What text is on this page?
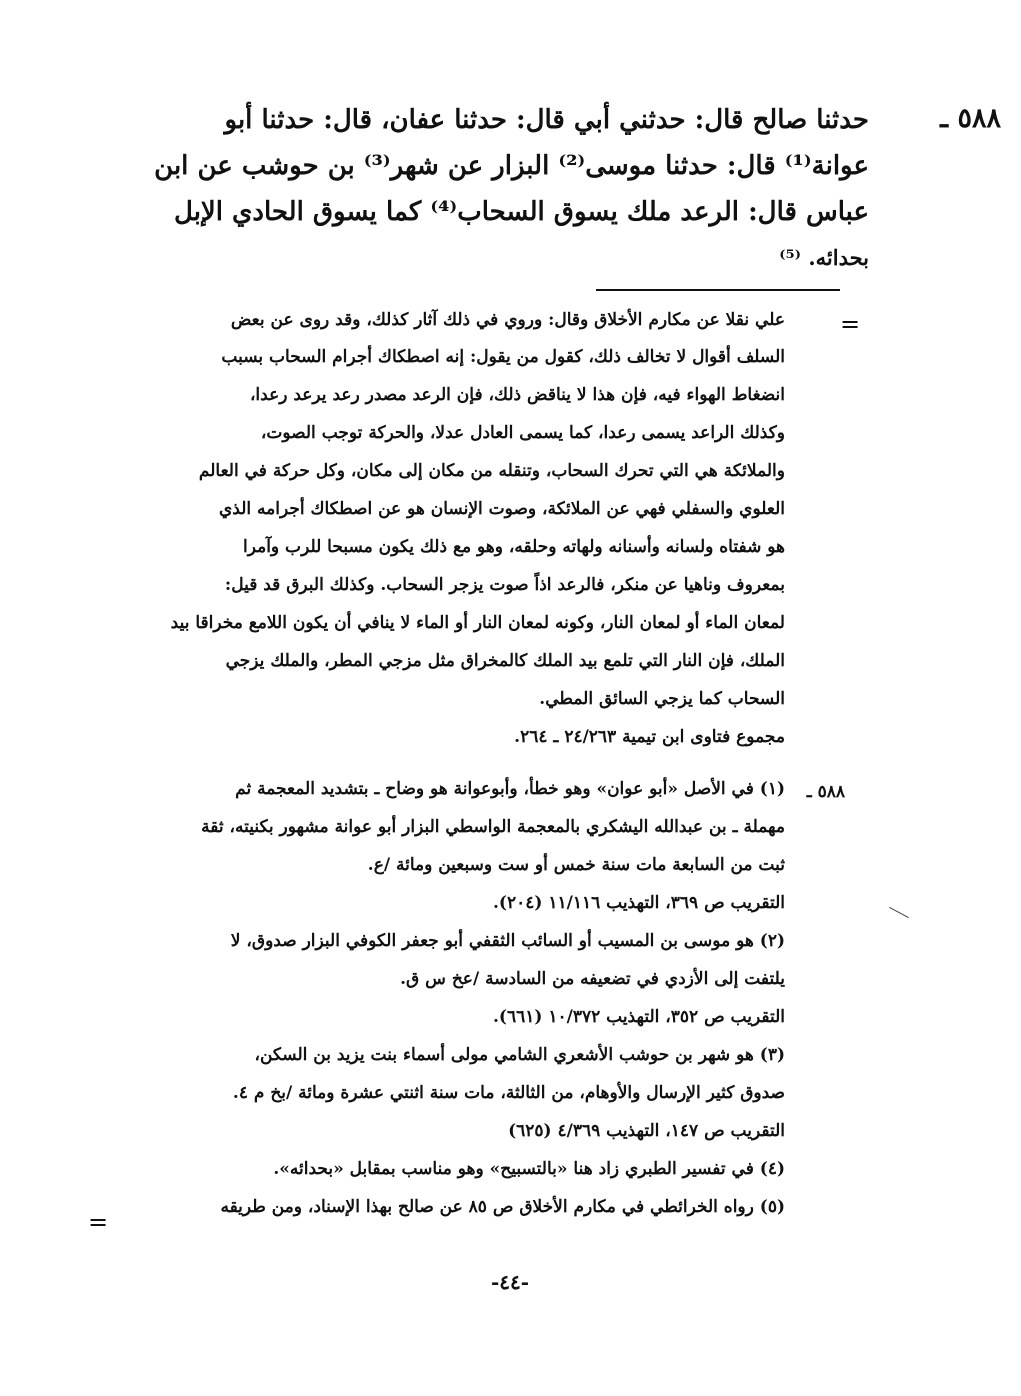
٥٨٨ ـ
حدثنا صالح قال: حدثني أبي قال: حدثنا عفان، قال: حدثنا أبو
عوانة⁽¹⁾ قال: حدثنا موسى⁽²⁾ البزار عن شهر⁽³⁾ بن حوشب عن ابن
عباس قال: الرعد ملك يسوق السحاب⁽⁴⁾ كما يسوق الحادي الإبل
بحدائه. ⁽⁵⁾
=
علي نقلا عن مكارم الأخلاق وقال: وروي في ذلك آثار كذلك، وقد روى عن بعض
السلف أقوال لا تخالف ذلك، كقول من يقول: إنه اصطكاك أجرام السحاب بسبب
انضغاط الهواء فيه، فإن هذا لا يناقض ذلك، فإن الرعد مصدر رعد يرعد رعدا،
وكذلك الراعد يسمى رعدا، كما يسمى العادل عدلا، والحركة توجب الصوت،
والملائكة هي التي تحرك السحاب، وتنقله من مكان إلى مكان، وكل حركة في العالم
العلوي والسفلي فهي عن الملائكة، وصوت الإنسان هو عن اصطكاك أجرامه الذي
هو شفتاه ولسانه وأسنانه ولهاته وحلقه، وهو مع ذلك يكون مسبحا للرب وآمرا
بمعروف وناهيا عن منكر، فالرعد اذاً صوت يزجر السحاب. وكذلك البرق قد قيل:
لمعان الماء أو لمعان النار، وكونه لمعان النار أو الماء لا ينافي أن يكون اللامع مخراقا بيد
الملك، فإن النار التي تلمع بيد الملك كالمخراق مثل مزجي المطر، والملك يزجي
السحاب كما يزجي السائق المطي.
مجموع فتاوى ابن تيمية ٢٤/٢٦٣ ـ ٢٦٤.
٥٨٨ ـ
(١) في الأصل «أبو عوان» وهو خطأ، وأبوعوانة هو وضاح ـ بتشديد المعجمة ثم
مهملة ـ بن عبدالله اليشكري بالمعجمة الواسطي البزار أبو عوانة مشهور بكنيته، ثقة
ثبت من السابعة مات سنة خمس أو ست وسبعين ومائة /ع.
التقريب ص ٣٦٩، التهذيب ١١/١١٦ (٢٠٤).
(٢) هو موسى بن المسيب أو السائب الثقفي أبو جعفر الكوفي البزار صدوق، لا
يلتفت إلى الأزدي في تضعيفه من السادسة /عخ س ق.
التقريب ص ٣٥٢، التهذيب ١٠/٣٧٢ (٦٦١).
(٣) هو شهر بن حوشب الأشعري الشامي مولى أسماء بنت يزيد بن السكن،
صدوق كثير الإرسال والأوهام، من الثالثة، مات سنة اثنتي عشرة ومائة /بخ م ٤.
التقريب ص ١٤٧، التهذيب ٤/٣٦٩ (٦٢٥)
(٤) في تفسير الطبري زاد هنا «بالتسبيح» وهو مناسب بمقابل «بحدائه».
(٥) رواه الخرائطي في مكارم الأخلاق ص ٨٥ عن صالح بهذا الإسناد، ومن طريقه
=
-٤٤-
